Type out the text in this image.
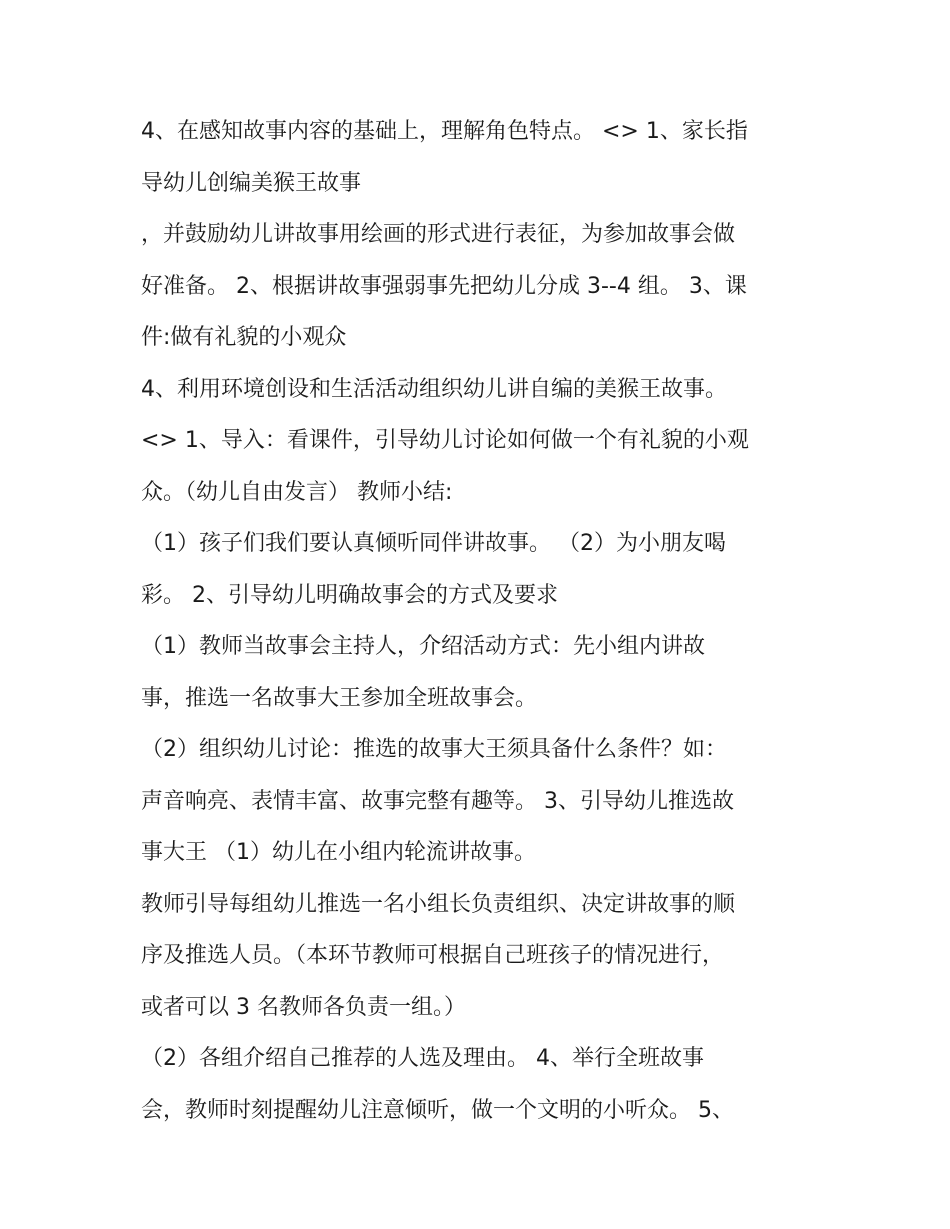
4、在感知故事内容的基础上，理解角色特点。 <> 1、家长指
导幼儿创编美猴王故事
，并鼓励幼儿讲故事用绘画的形式进行表征，为参加故事会做
好准备。 2、根据讲故事强弱事先把幼儿分成 3--4 组。 3、课
件:做有礼貌的小观众
4、利用环境创设和生活活动组织幼儿讲自编的美猴王故事。
<> 1、导入：看课件，引导幼儿讨论如何做一个有礼貌的小观
众。（幼儿自由发言） 教师小结:
（1）孩子们我们要认真倾听同伴讲故事。 （2）为小朋友喝
彩。 2、引导幼儿明确故事会的方式及要求
（1）教师当故事会主持人，介绍活动方式：先小组内讲故
事，推选一名故事大王参加全班故事会。
（2）组织幼儿讨论：推选的故事大王须具备什么条件？如：
声音响亮、表情丰富、故事完整有趣等。 3、引导幼儿推选故
事大王 （1）幼儿在小组内轮流讲故事。
教师引导每组幼儿推选一名小组长负责组织、决定讲故事的顺
序及推选人员。（本环节教师可根据自己班孩子的情况进行，
或者可以 3 名教师各负责一组。）
（2）各组介绍自己推荐的人选及理由。 4、举行全班故事
会，教师时刻提醒幼儿注意倾听，做一个文明的小听众。 5、
